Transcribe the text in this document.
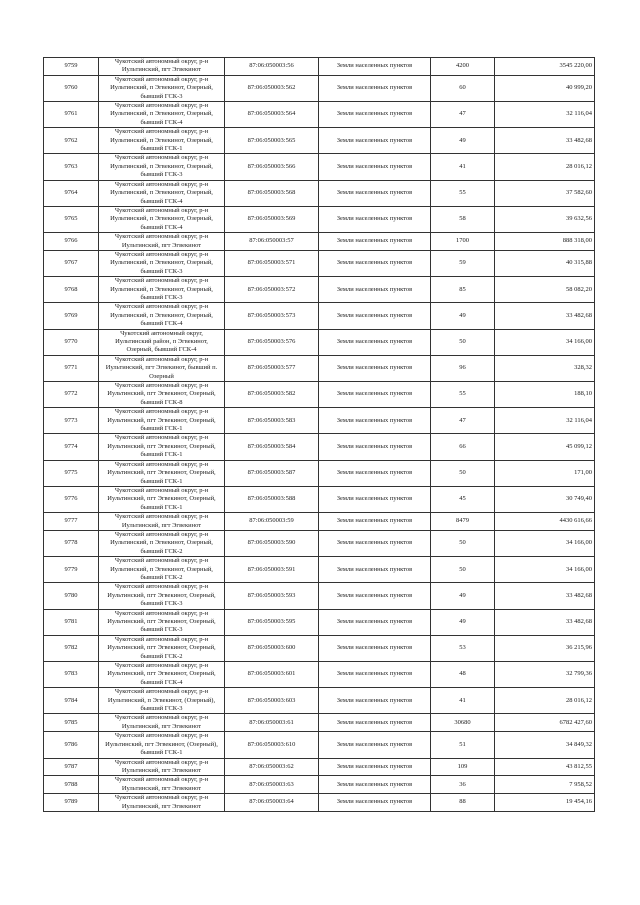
9759	Чукотский автономный округ, р-н
Иультинский, пгт Эгвекинот	87:06:050003:56	Земли населенных пунктов	4200	3545 220,00
9760	Чукотский автономный округ, р-н
Иультинский, п Эгвекинот, Озерный,
бывший ГСК-3	87:06:050003:562	Земли населенных пунктов	60	40 999,20
9761	Чукотский автономный округ, р-н
Иультинский, п Эгвекинот, Озерный,
бывший ГСК-4	87:06:050003:564	Земли населенных пунктов	47	32 116,04
9762	Чукотский автономный округ, р-н
Иультинский, п Эгвекинот, Озерный,
бывший ГСК-1	87:06:050003:565	Земли населенных пунктов	49	33 482,68
9763	Чукотский автономный округ, р-н
Иультинский, п Эгвекинот, Озерный,
бывший ГСК-3	87:06:050003:566	Земли населенных пунктов	41	28 016,12
9764	Чукотский автономный округ, р-н
Иультинский, п Эгвекинот, Озерный,
бывший ГСК-4	87:06:050003:568	Земли населенных пунктов	55	37 582,60
9765	Чукотский автономный округ, р-н
Иультинский, п Эгвекинот, Озерный,
бывший ГСК-4	87:06:050003:569	Земли населенных пунктов	58	39 632,56
9766	Чукотский автономный округ, р-н
Иультинский, пгт Эгвекинот	87:06:050003:57	Земли населенных пунктов	1700	888 318,00
9767	Чукотский автономный округ, р-н
Иультинский, п Эгвекинот, Озерный,
бывший ГСК-3	87:06:050003:571	Земли населенных пунктов	59	40 315,88
9768	Чукотский автономный округ, р-н
Иультинский, п Эгвекинот, Озерный,
бывший ГСК-3	87:06:050003:572	Земли населенных пунктов	85	58 082,20
9769	Чукотский автономный округ, р-н
Иультинский, п Эгвекинот, Озерный,
бывший ГСК-4	87:06:050003:573	Земли населенных пунктов	49	33 482,68
9770	Чукотский автономный округ,
Иультинский район, п Эгвекинот,
Озерный, бывший ГСК-4	87:06:050003:576	Земли населенных пунктов	50	34 166,00
9771	Чукотский автономный округ, р-н
Иультинский, пгт Эгвекинот, бывший п.
Озерный	87:06:050003:577	Земли населенных пунктов	96	328,32
9772	Чукотский автономный округ, р-н
Иультинский, пгт Эгвекинот, Озерный,
бывший ГСК-8	87:06:050003:582	Земли населенных пунктов	55	188,10
9773	Чукотский автономный округ, р-н
Иультинский, пгт Эгвекинот, Озерный,
бывший ГСК-1	87:06:050003:583	Земли населенных пунктов	47	32 116,04
9774	Чукотский автономный округ, р-н
Иультинский, пгт Эгвекинот, Озерный,
бывший ГСК-1	87:06:050003:584	Земли населенных пунктов	66	45 099,12
9775	Чукотский автономный округ, р-н
Иультинский, пгт Эгвекинот, Озерный,
бывший ГСК-1	87:06:050003:587	Земли населенных пунктов	50	171,00
9776	Чукотский автономный округ, р-н
Иультинский, пгт Эгвекинот, Озерный,
бывший ГСК-1	87:06:050003:588	Земли населенных пунктов	45	30 749,40
9777	Чукотский автономный округ, р-н
Иультинский, пгт Эгвекинот	87:06:050003:59	Земли населенных пунктов	8479	4430 616,66
9778	Чукотский автономный округ, р-н
Иультинский, п Эгвекинот, Озерный,
бывший ГСК-2	87:06:050003:590	Земли населенных пунктов	50	34 166,00
9779	Чукотский автономный округ, р-н
Иультинский, п Эгвекинот, Озерный,
бывший ГСК-2	87:06:050003:591	Земли населенных пунктов	50	34 166,00
9780	Чукотский автономный округ, р-н
Иультинский, пгт Эгвекинот, Озерный,
бывший ГСК-3	87:06:050003:593	Земли населенных пунктов	49	33 482,68
9781	Чукотский автономный округ, р-н
Иультинский, пгт Эгвекинот, Озерный,
бывший ГСК-3	87:06:050003:595	Земли населенных пунктов	49	33 482,68
9782	Чукотский автономный округ, р-н
Иультинский, пгт Эгвекинот, Озерный,
бывший ГСК-2	87:06:050003:600	Земли населенных пунктов	53	36 215,96
9783	Чукотский автономный округ, р-н
Иультинский, пгт Эгвекинот, Озерный,
бывший ГСК-4	87:06:050003:601	Земли населенных пунктов	48	32 799,36
9784	Чукотский автономный округ, р-н
Иультинский, п Эгвекинот, (Озерный),
бывший ГСК-3	87:06:050003:603	Земли населенных пунктов	41	28 016,12
9785	Чукотский автономный округ, р-н
Иультинский, пгт Эгвекинот	87:06:050003:61	Земли населенных пунктов	30680	6782 427,60
9786	Чукотский автономный округ, р-н
Иультинский, пгт Эгвекинот, (Озерный),
бывший ГСК-1	87:06:050003:610	Земли населенных пунктов	51	34 849,32
9787	Чукотский автономный округ, р-н
Иультинский, пгт Эгвекинот	87:06:050003:62	Земли населенных пунктов	109	43 812,55
9788	Чукотский автономный округ, р-н
Иультинский, пгт Эгвекинот	87:06:050003:63	Земли населенных пунктов	36	7 958,52
9789	Чукотский автономный округ, р-н
Иультинский, пгт Эгвекинот	87:06:050003:64	Земли населенных пунктов	88	19 454,16
